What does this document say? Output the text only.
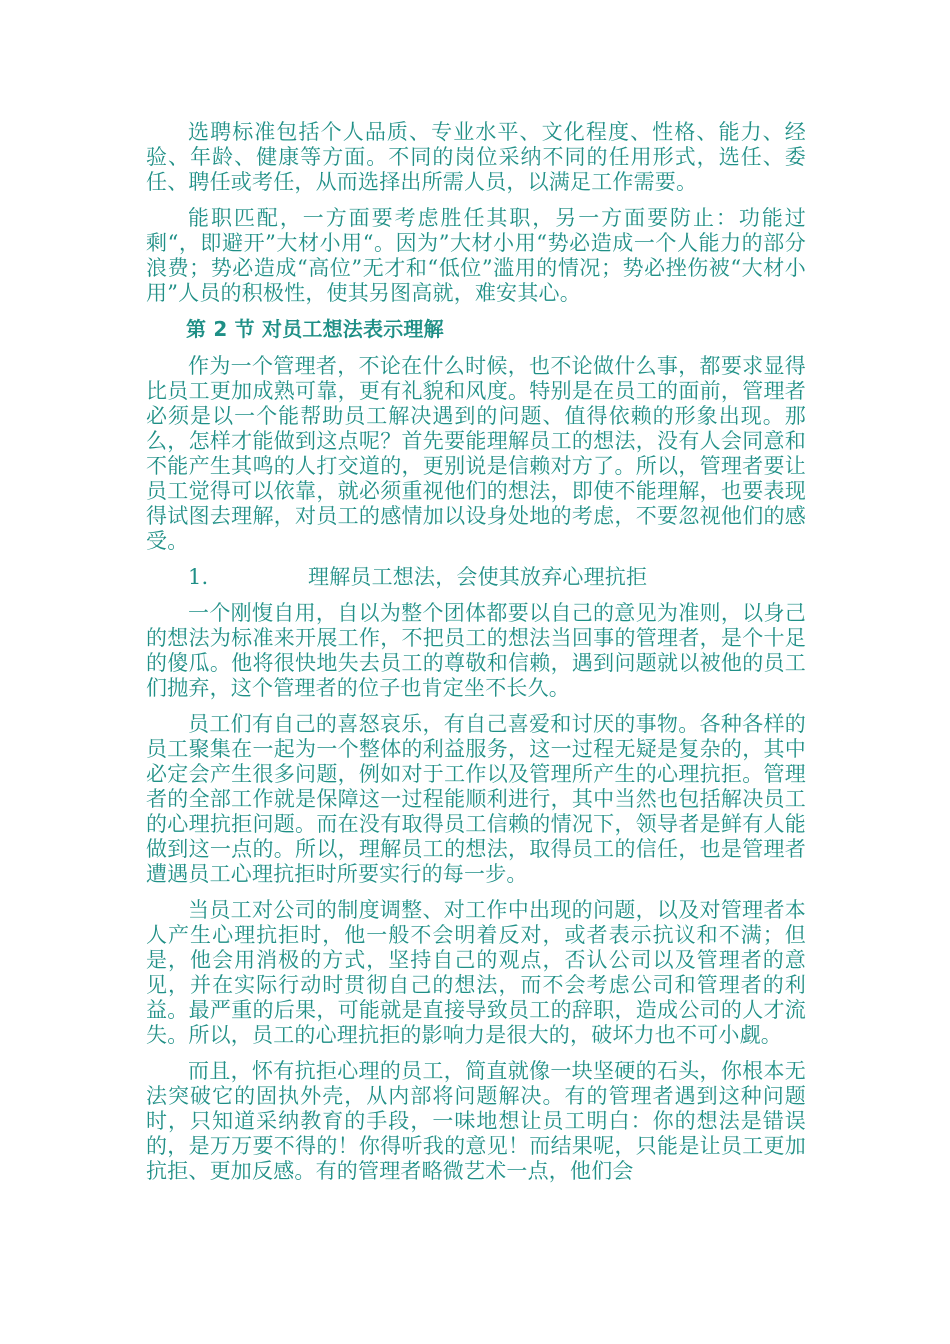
选聘标准包括个人品质、专业水平、文化程度、性格、能力、经验、年龄、健康等方面。不同的岗位采纳不同的任用形式，选任、委任、聘任或考任，从而选择出所需人员，以满足工作需要。

能职匹配，一方面要考虑胜任其职，另一方面要防止：功能过剩“，即避开”大材小用“。因为”大材小用“势必造成一个人能力的部分浪费；势必造成“高位”无才和“低位”滥用的情况；势必挫伤被“大材小用”人员的积极性，使其另图高就，难安其心。

第 2 节 对员工想法表示理解

作为一个管理者，不论在什么时候，也不论做什么事，都要求显得比员工更加成熟可靠，更有礼貌和风度。特别是在员工的面前，管理者必须是以一个能帮助员工解决遇到的问题、值得依赖的形象出现。那么，怎样才能做到这点呢？首先要能理解员工的想法，没有人会同意和不能产生其鸣的人打交道的，更别说是信赖对方了。所以，管理者要让员工觉得可以依靠，就必须重视他们的想法，即使不能理解，也要表现得试图去理解，对员工的感情加以设身处地的考虑，不要忽视他们的感受。

1.	理解员工想法，会使其放弃心理抗拒

一个刚愎自用，自以为整个团体都要以自己的意见为准则，以身己的想法为标准来开展工作，不把员工的想法当回事的管理者，是个十足的傻瓜。他将很快地失去员工的尊敬和信赖，遇到问题就以被他的员工们抛弃，这个管理者的位子也肯定坐不长久。

员工们有自己的喜怒哀乐，有自己喜爱和讨厌的事物。各种各样的员工聚集在一起为一个整体的利益服务，这一过程无疑是复杂的，其中必定会产生很多问题，例如对于工作以及管理所产生的心理抗拒。管理者的全部工作就是保障这一过程能顺利进行，其中当然也包括解决员工的心理抗拒问题。而在没有取得员工信赖的情况下，领导者是鲜有人能做到这一点的。所以，理解员工的想法，取得员工的信任，也是管理者遭遇员工心理抗拒时所要实行的每一步。

当员工对公司的制度调整、对工作中出现的问题，以及对管理者本人产生心理抗拒时，他一般不会明着反对，或者表示抗议和不满；但是，他会用消极的方式，坚持自己的观点，否认公司以及管理者的意见，并在实际行动时贯彻自己的想法，而不会考虑公司和管理者的利益。最严重的后果，可能就是直接导致员工的辞职，造成公司的人才流失。所以，员工的心理抗拒的影响力是很大的，破坏力也不可小觑。

而且，怀有抗拒心理的员工，简直就像一块坚硬的石头，你根本无法突破它的固执外壳，从内部将问题解决。有的管理者遇到这种问题时，只知道采纳教育的手段，一味地想让员工明白：你的想法是错误的，是万万要不得的！你得听我的意见！而结果呢，只能是让员工更加抗拒、更加反感。有的管理者略微艺术一点，他们会
